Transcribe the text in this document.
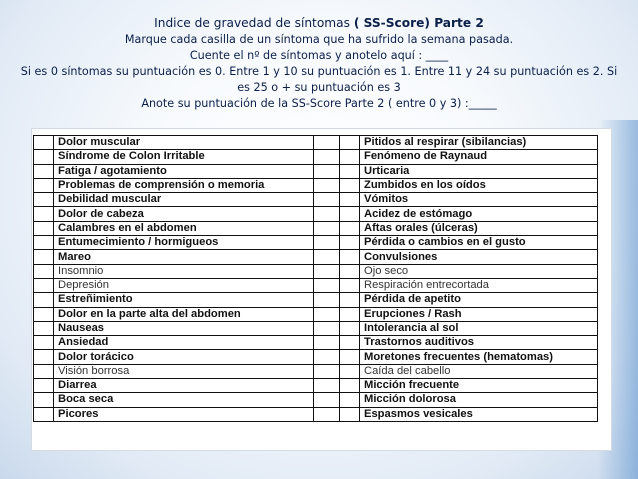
Indice de gravedad de síntomas ( SS-Score) Parte 2
Marque cada casilla de un síntoma que ha sufrido la semana pasada.
Cuente el nº de síntomas y anotelo aquí : ____
Si es 0 síntomas su puntuación es 0. Entre 1 y 10 su puntuación es 1. Entre 11 y 24 su puntuación es 2. Si es 25 o + su puntuación es 3
Anote su puntuación de la SS-Score Parte 2 ( entre 0 y 3) :_____
	Dolor muscular			Pitidos al respirar (sibilancias)
	Síndrome de Colon Irritable			Fenómeno de Raynaud
	Fatiga / agotamiento			Urticaria
	Problemas de comprensión o memoria			Zumbidos en los oídos
	Debilidad muscular			Vómitos
	Dolor de cabeza			Acidez de estómago
	Calambres en el abdomen			Aftas orales (úlceras)
	Entumecimiento / hormigueos			Pérdida o cambios en el gusto
	Mareo			Convulsiones
	Insomnio			Ojo seco
	Depresión			Respiración entrecortada
	Estreñimiento			Pérdida de apetito
	Dolor en la parte alta del abdomen			Erupciones / Rash
	Nauseas			Intolerancia al sol
	Ansiedad			Trastornos auditivos
	Dolor torácico			Moretones frecuentes (hematomas)
	Visión borrosa			Caída del cabello
	Diarrea			Micción frecuente
	Boca seca			Micción dolorosa
	Picores			Espasmos vesicales
